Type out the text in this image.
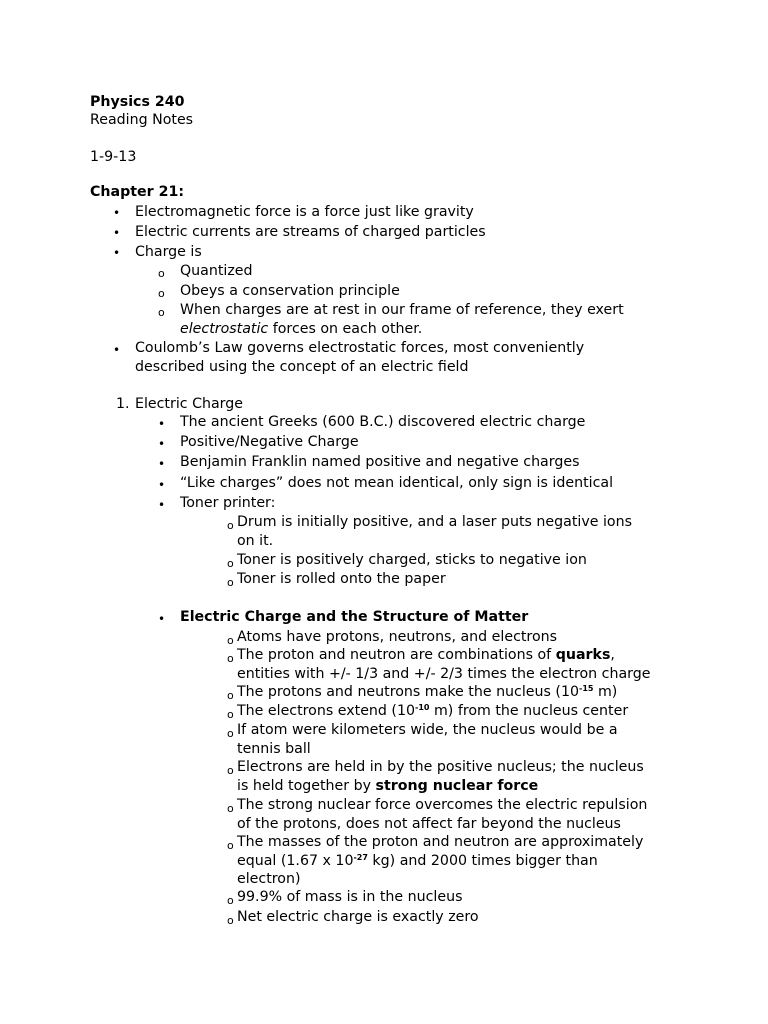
Physics 240
Reading Notes
1-9-13
Chapter 21:
• Electromagnetic force is a force just like gravity
• Electric currents are streams of charged particles
• Charge is
o Quantized
o Obeys a conservation principle
o When charges are at rest in our frame of reference, they exert
electrostatic forces on each other.
• Coulomb’s Law governs electrostatic forces, most conveniently
described using the concept of an electric field
1. Electric Charge
• The ancient Greeks (600 B.C.) discovered electric charge
• Positive/Negative Charge
• Benjamin Franklin named positive and negative charges
• “Like charges” does not mean identical, only sign is identical
• Toner printer:
o Drum is initially positive, and a laser puts negative ions
on it.
o Toner is positively charged, sticks to negative ion
o Toner is rolled onto the paper
• Electric Charge and the Structure of Matter
o Atoms have protons, neutrons, and electrons
o The proton and neutron are combinations of quarks,
entities with +/- 1/3 and +/- 2/3 times the electron charge
o The protons and neutrons make the nucleus ($10^{-15}$ m)
o The electrons extend ($10^{-10}$ m) from the nucleus center
o If atom were kilometers wide, the nucleus would be a
tennis ball
o Electrons are held in by the positive nucleus; the nucleus
is held together by strong nuclear force
o The strong nuclear force overcomes the electric repulsion
of the protons, does not affect far beyond the nucleus
o The masses of the proton and neutron are approximately
equal (1.67 x $10^{-27}$ kg) and 2000 times bigger than
electron)
o 99.9% of mass is in the nucleus
o Net electric charge is exactly zero
